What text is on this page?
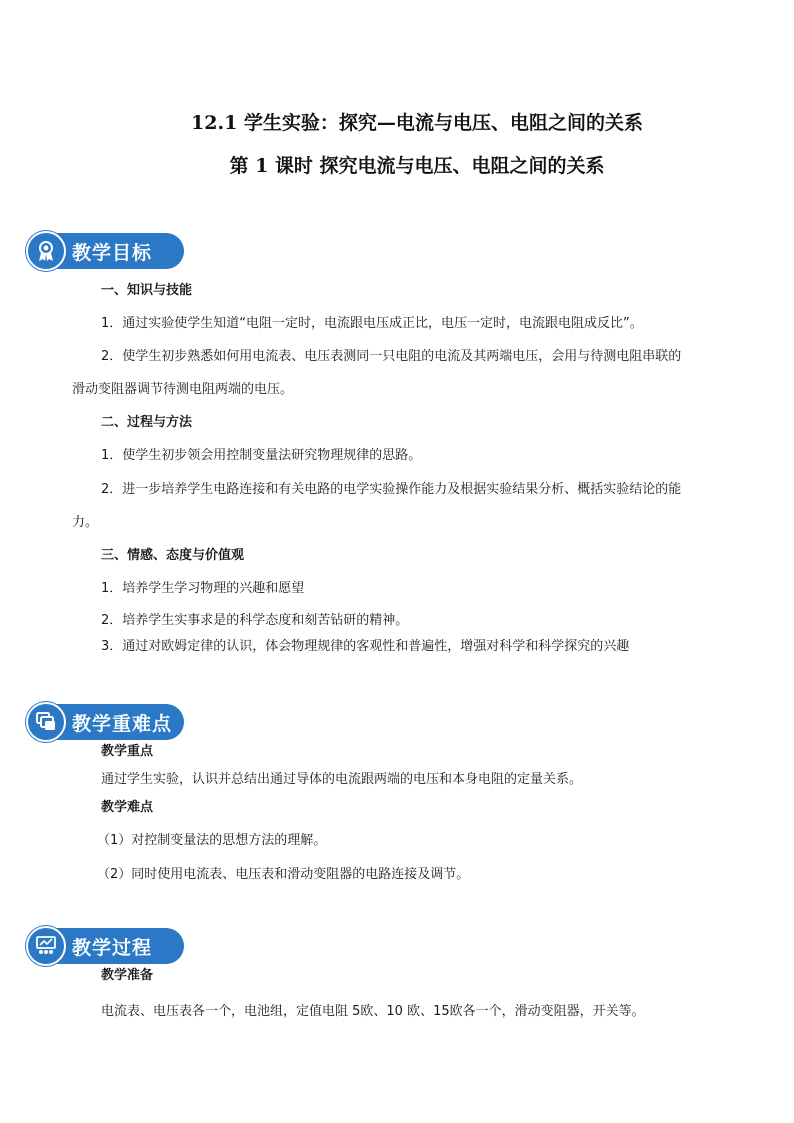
12.1 学生实验：探究—电流与电压、电阻之间的关系
第 1 课时 探究电流与电压、电阻之间的关系
教学目标
一、知识与技能
1．通过实验使学生知道“电阻一定时，电流跟电压成正比，电压一定时，电流跟电阻成反比”。
2．使学生初步熟悉如何用电流表、电压表测同一只电阻的电流及其两端电压，会用与待测电阻串联的
滑动变阻器调节待测电阻两端的电压。
二、过程与方法
1．使学生初步领会用控制变量法研究物理规律的思路。
2．进一步培养学生电路连接和有关电路的电学实验操作能力及根据实验结果分析、概括实验结论的能
力。
三、情感、态度与价值观
1．培养学生学习物理的兴趣和愿望
2．培养学生实事求是的科学态度和刻苦钻研的精神。
3．通过对欧姆定律的认识，体会物理规律的客观性和普遍性，增强对科学和科学探究的兴趣
教学重难点
教学重点
通过学生实验，认识并总结出通过导体的电流跟两端的电压和本身电阻的定量关系。
教学难点
（1）对控制变量法的思想方法的理解。
（2）同时使用电流表、电压表和滑动变阻器的电路连接及调节。
教学过程
教学准备
电流表、电压表各一个，电池组，定值电阻 5欧、10 欧、15欧各一个，滑动变阻器，开关等。
